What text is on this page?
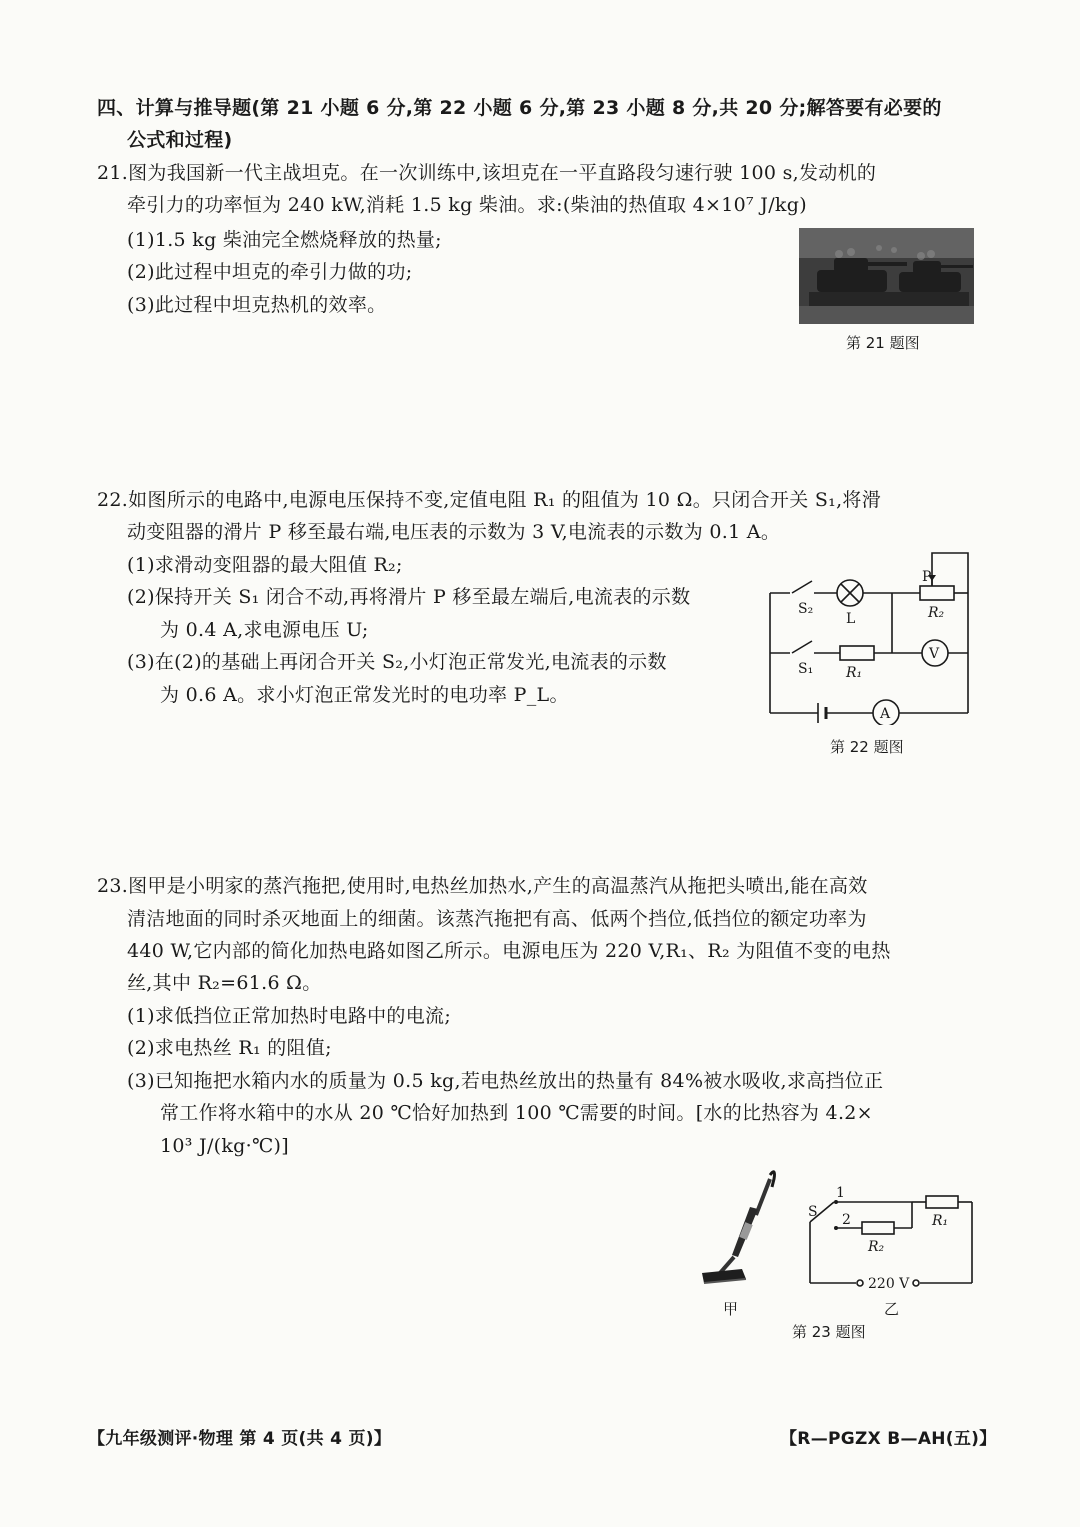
四、计算与推导题(第 21 小题 6 分,第 22 小题 6 分,第 23 小题 8 分,共 20 分;解答要有必要的
公式和过程)
21.图为我国新一代主战坦克。在一次训练中,该坦克在一平直路段匀速行驶 100 s,发动机的
牵引力的功率恒为 240 kW,消耗 1.5 kg 柴油。求:(柴油的热值取 4×10⁷ J/kg)
(1)1.5 kg 柴油完全燃烧释放的热量;
(2)此过程中坦克的牵引力做的功;
(3)此过程中坦克热机的效率。
第 21 题图
22.如图所示的电路中,电源电压保持不变,定值电阻 R₁ 的阻值为 10 Ω。只闭合开关 S₁,将滑
动变阻器的滑片 P 移至最右端,电压表的示数为 3 V,电流表的示数为 0.1 A。
(1)求滑动变阻器的最大阻值 R₂;
(2)保持开关 S₁ 闭合不动,再将滑片 P 移至最左端后,电流表的示数
为 0.4 A,求电源电压 U;
(3)在(2)的基础上再闭合开关 S₂,小灯泡正常发光,电流表的示数
为 0.6 A。求小灯泡正常发光时的电功率 P_L。
S₂
L
P
R₂
S₁ R₁
V
A
第 22 题图
23.图甲是小明家的蒸汽拖把,使用时,电热丝加热水,产生的高温蒸汽从拖把头喷出,能在高效
清洁地面的同时杀灭地面上的细菌。该蒸汽拖把有高、低两个挡位,低挡位的额定功率为
440 W,它内部的简化加热电路如图乙所示。电源电压为 220 V,R₁、R₂ 为阻值不变的电热
丝,其中 R₂=61.6 Ω。
(1)求低挡位正常加热时电路中的电流;
(2)求电热丝 R₁ 的阻值;
(3)已知拖把水箱内水的质量为 0.5 kg,若电热丝放出的热量有 84%被水吸收,求高挡位正
常工作将水箱中的水从 20 ℃恰好加热到 100 ℃需要的时间。[水的比热容为 4.2×
10³ J/(kg·℃)]
甲
S
1
2	R₁
R₂
220 V
乙
第 23 题图
【九年级测评·物理 第 4 页(共 4 页)】	【R—PGZX B—AH(五)】
